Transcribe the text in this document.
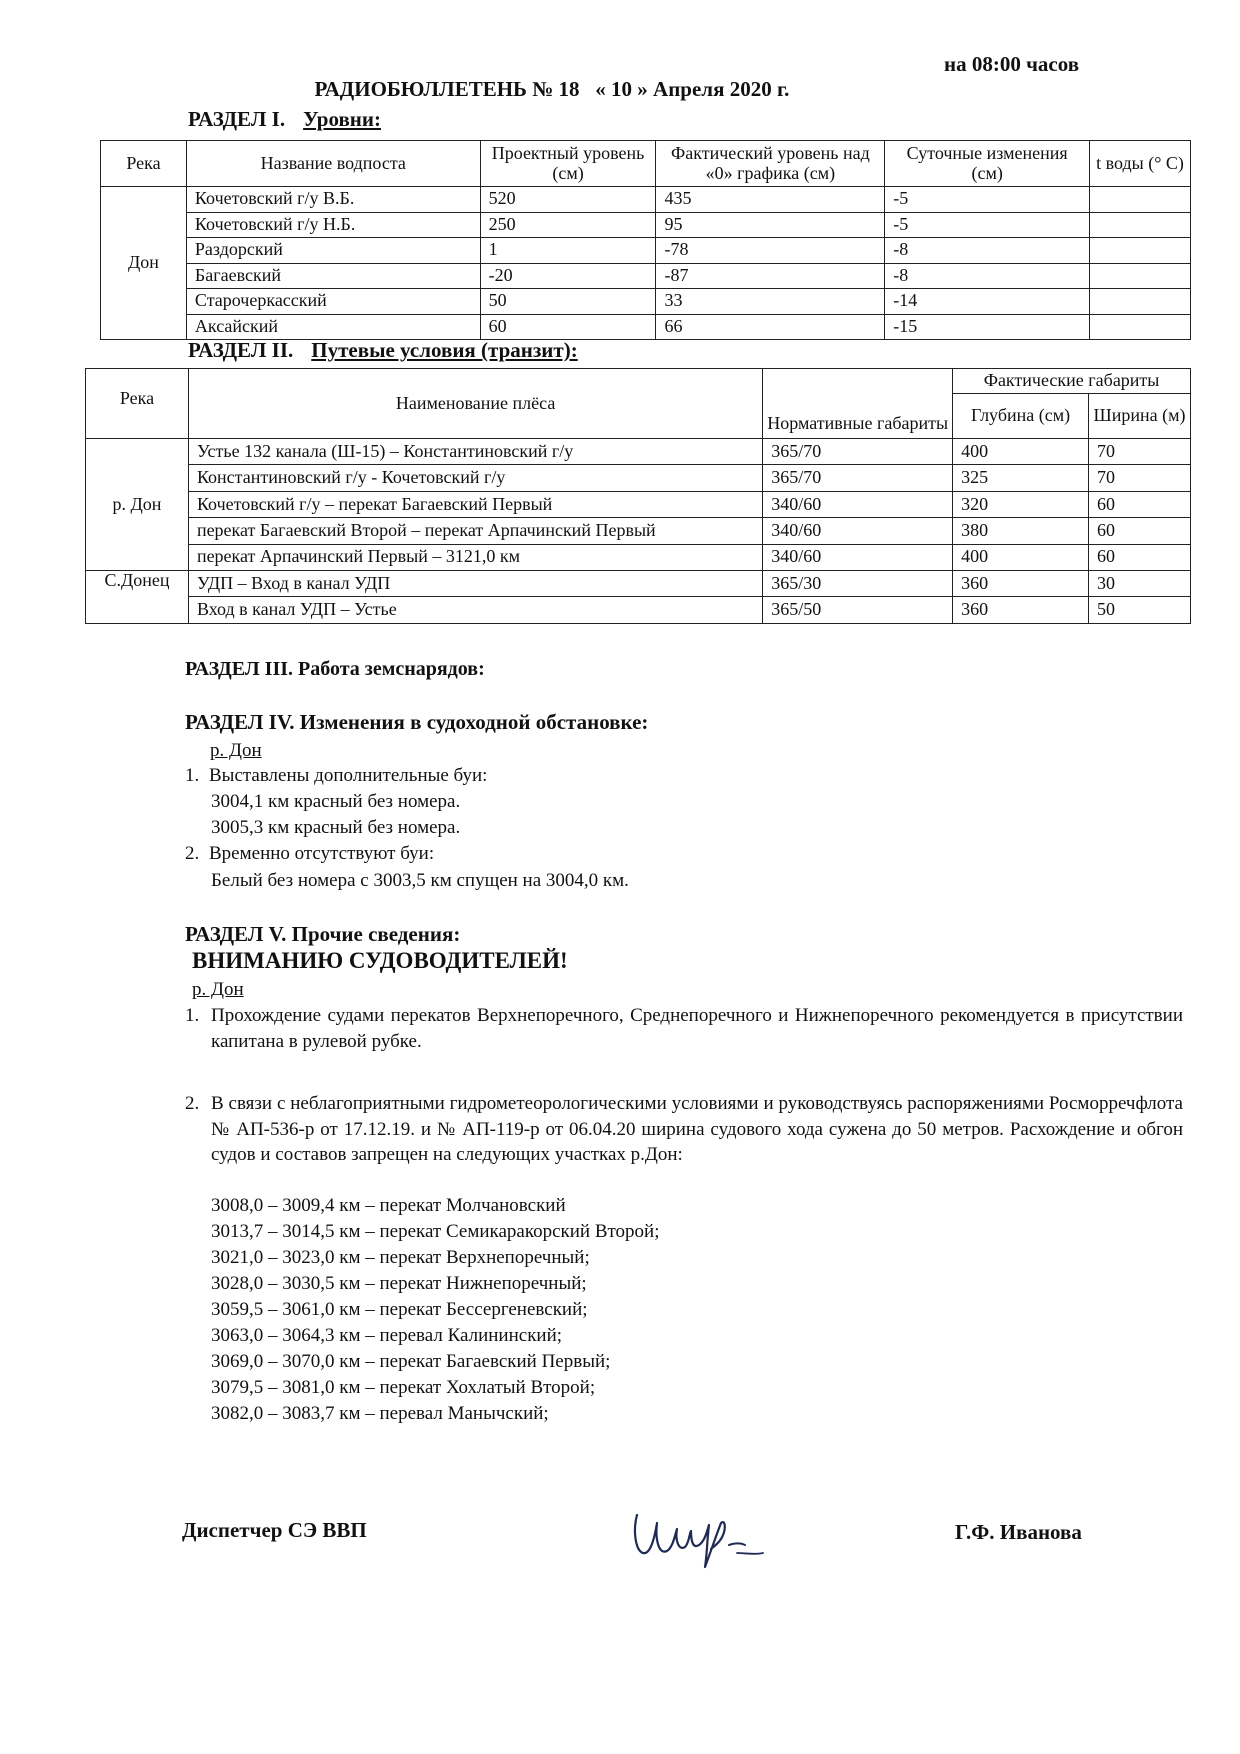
РАДИОБЮЛЛЕТЕНЬ № 18   « 10 » Апреля 2020 г.

на 08:00 часов

РАЗДЕЛ I. Уровни:
Река	Название водпоста	Проектный уровень (см)	Фактический уровень над «0» графика (см)	Суточные изменения (см)	t воды (° С)
Дон	Кочетовский г/у В.Б.	520	435	-5	
	Кочетовский г/у Н.Б.	250	95	-5	
	Раздорский	1	-78	-8	
	Багаевский	-20	-87	-8	
	Старочеркасский	50	33	-14	
	Аксайский	60	66	-15	
РАЗДЕЛ II. Путевые условия (транзит):
Река	Наименование плёса	Нормативные габариты	Фактические габариты	
			Глубина (см)	Ширина (м)
р. Дон	Устье 132 канала (Ш-15) – Константиновский г/у	365/70	400	70
	Константиновский г/у - Кочетовский г/у	365/70	325	70
	Кочетовский г/у – перекат Багаевский Первый	340/60	320	60
	перекат Багаевский Второй – перекат Арпачинский Первый	340/60	380	60
	перекат Арпачинский Первый – 3121,0 км	340/60	400	60
С.Донец	УДП – Вход в канал УДП	365/30	360	30
	Вход в канал УДП – Устье	365/50	360	50
РАЗДЕЛ III. Работа земснарядов:
РАЗДЕЛ IV. Изменения в судоходной обстановке:
р. Дон
1. Выставлены дополнительные буи:
3004,1 км красный без номера.
3005,3 км красный без номера.
2. Временно отсутствуют буи:
Белый без номера с 3003,5 км спущен на 3004,0 км.
РАЗДЕЛ V. Прочие сведения:
ВНИМАНИЮ СУДОВОДИТЕЛЕЙ!
р. Дон
1. Прохождение судами перекатов Верхнепоречного, Среднепоречного и Нижнепоречного рекомендуется в присутствии капитана в рулевой рубке.
2. В связи с неблагоприятными гидрометеорологическими условиями и руководствуясь распоряжениями Росморречфлота № АП-536-р от 17.12.19. и № АП-119-р от 06.04.20 ширина судового хода сужена до 50 метров. Расхождение и обгон судов и составов запрещен на следующих участках р.Дон:
3008,0 – 3009,4 км – перекат Молчановский
3013,7 – 3014,5 км – перекат Семикаракорский Второй;
3021,0 – 3023,0 км – перекат Верхнепоречный;
3028,0 – 3030,5 км – перекат Нижнепоречный;
3059,5 – 3061,0 км – перекат Бессергеневский;
3063,0 – 3064,3 км – перевал Калининский;
3069,0 – 3070,0 км – перекат Багаевский Первый;
3079,5 – 3081,0 км – перекат Хохлатый Второй;
3082,0 – 3083,7 км – перевал Манычский;
Диспетчер СЭ ВВП	Г.Ф. Иванова
